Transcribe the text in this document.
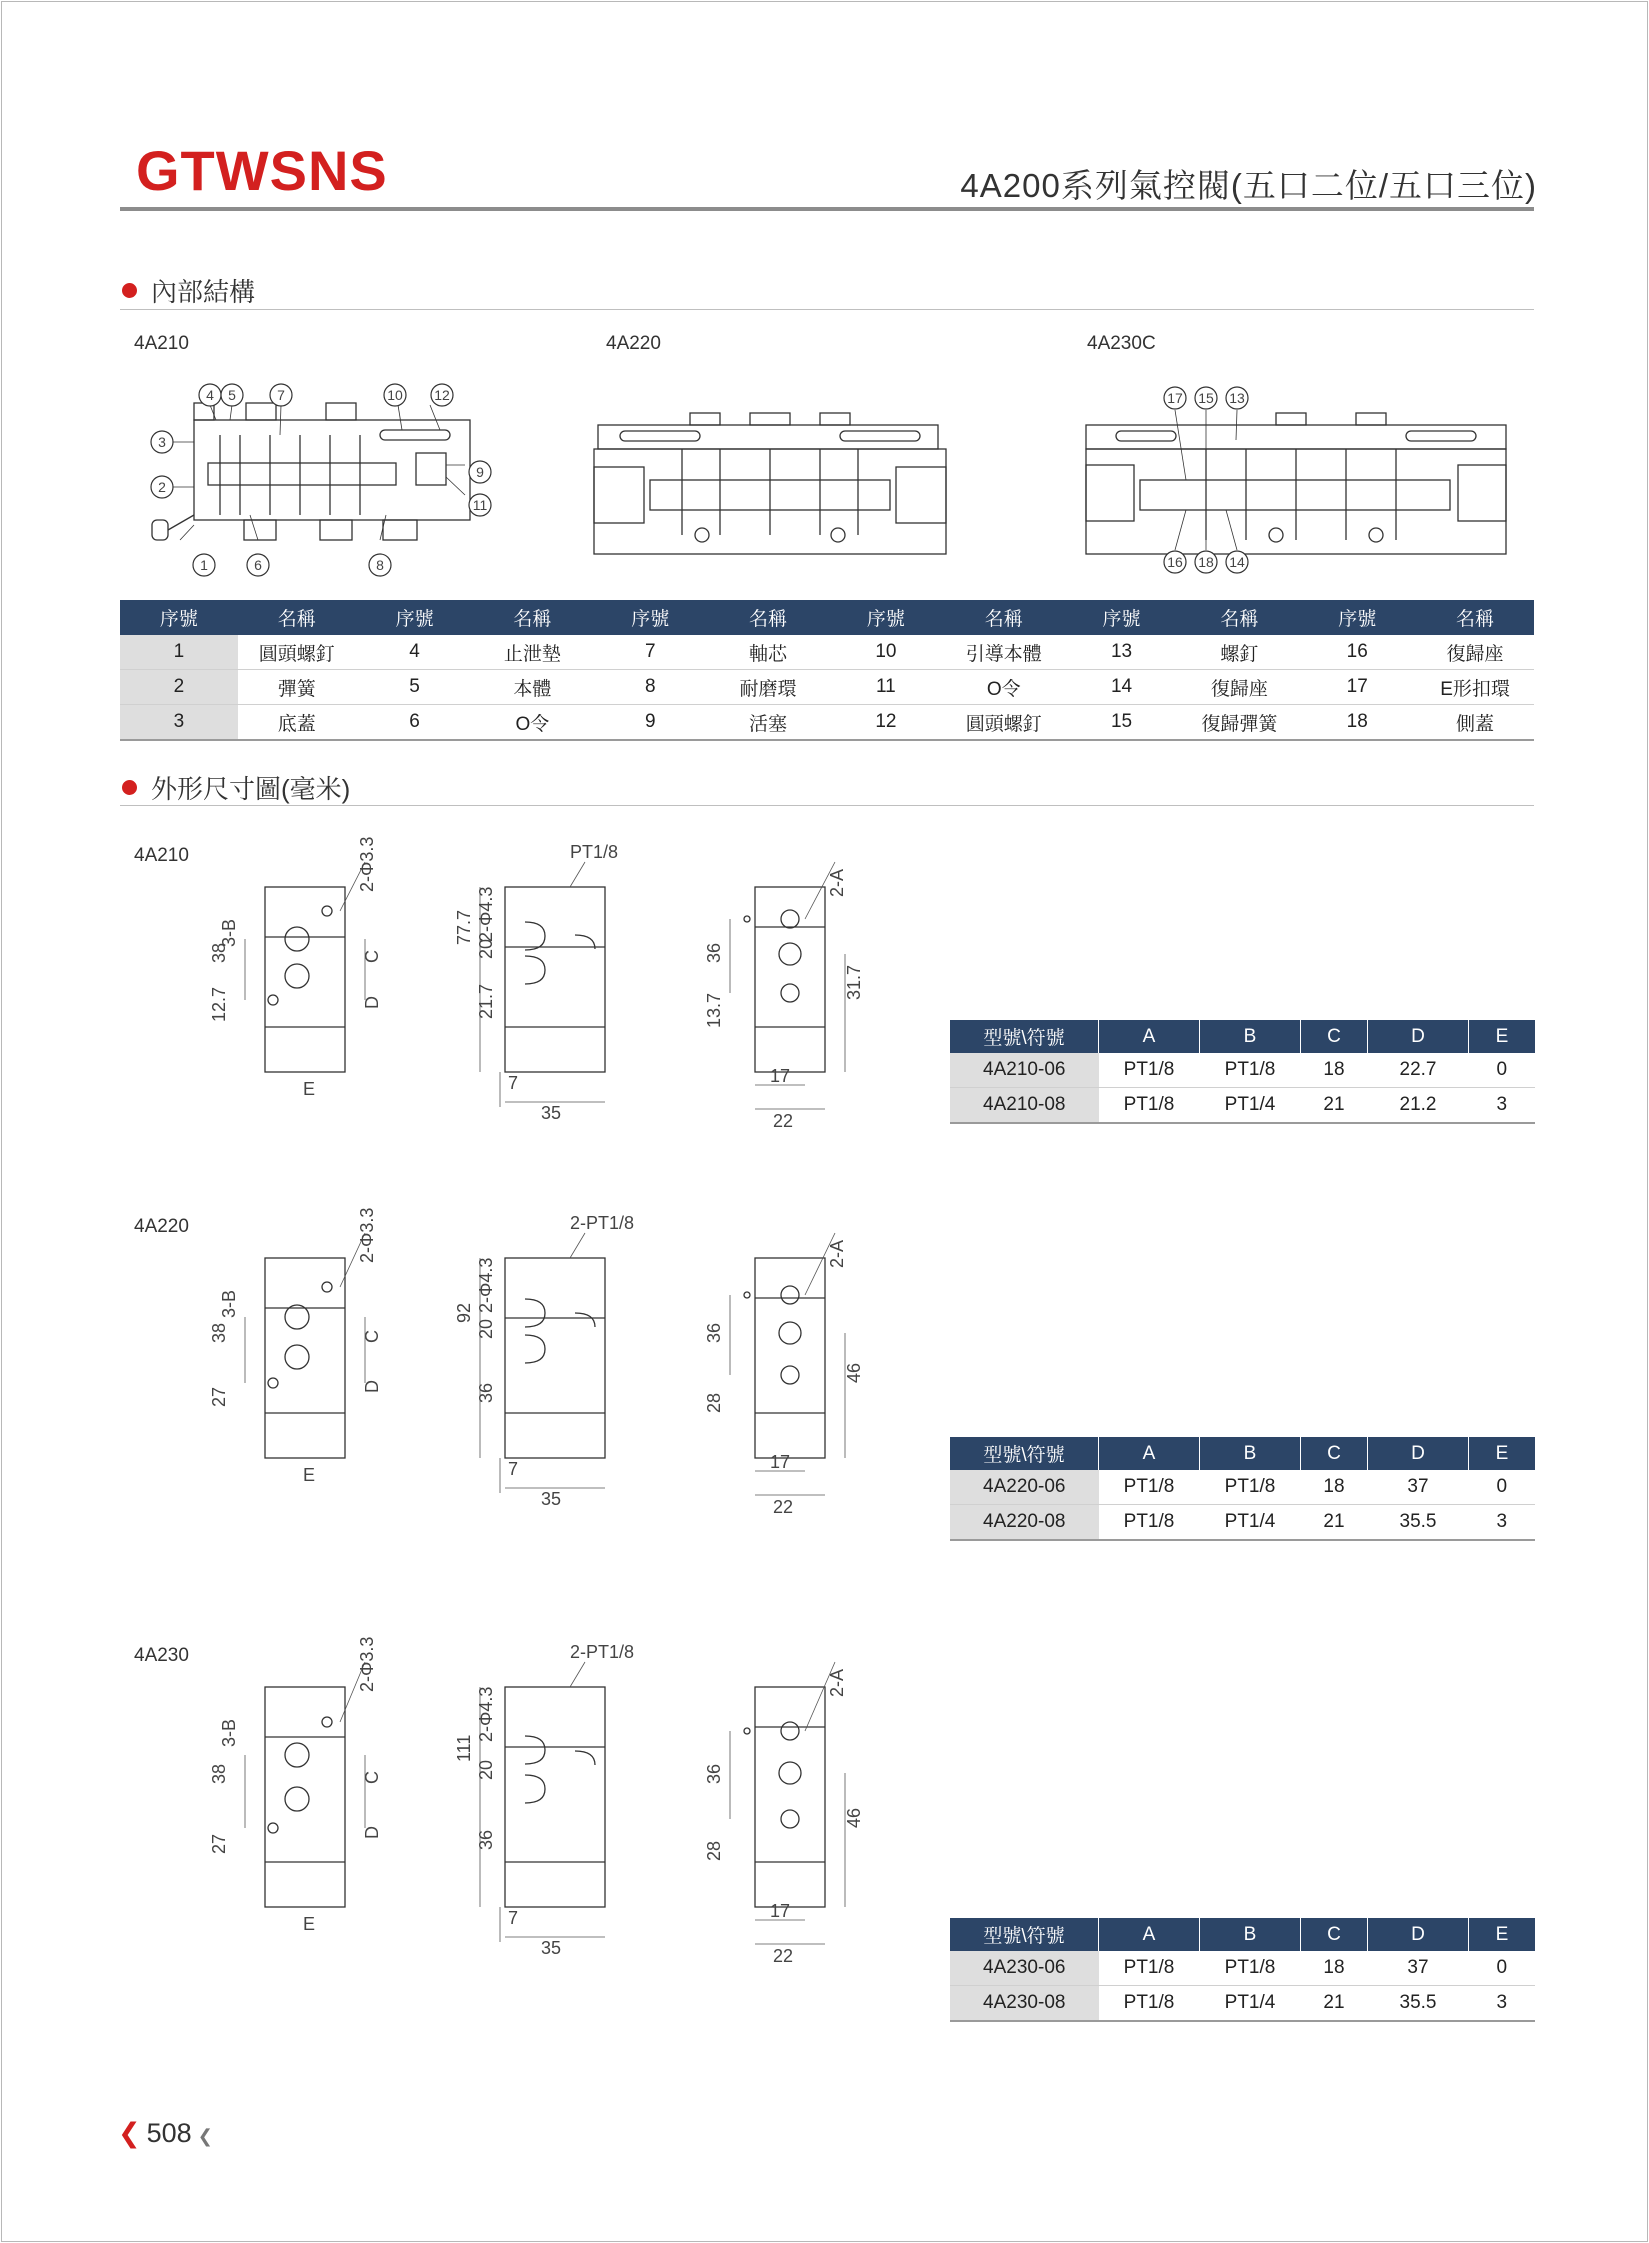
GTWSNS	4A200系列氣控閥(五口二位/五口三位)
內部結構
4A210	4A220	4A230C
1
2
3
4 5
6
7
8
9
10
11
12	17
16
15
18
13
14
序號	名稱	序號	名稱	序號	名稱	序號	名稱	序號	名稱	序號	名稱
1	圓頭螺釘	4	止泄墊	7	軸芯	10	引導本體	13	螺釘	16	復歸座
2	彈簧	5	本體	8	耐磨環	11	O令	14	復歸座	17	E形扣環
3	底蓋	6	O令	9	活塞	12	圓頭螺釘	15	復歸彈簧	18	側蓋
外形尺寸圖(毫米)
4A210
4A220
4A230
PT1/8
2-Φ3.3
3-B
38
12.7
C
D
E
77.7 2-Φ4.3
20
21.7
7
35
2-A
36
13.7
31.7
17
22
2-PT1/8
2-Φ3.3
3-B
38
27
C
D
E
92 2-Φ4.3
20
36
7
35
2-A
36
28
46
17
22
2-PT1/8
2-Φ3.3
3-B
38
27
C
D
E
111
2-Φ4.3
20
36
7
35
2-A
36
28
46
17
22
型號\符號	A	B	C	D	E
4A210-06	PT1/8	PT1/8	18	22.7	0
4A210-08	PT1/8	PT1/4	21	21.2	3
型號\符號	A	B	C	D	E
4A220-06	PT1/8	PT1/8	18	37	0
4A220-08	PT1/8	PT1/4	21	35.5	3
型號\符號	A	B	C	D	E
4A230-06	PT1/8	PT1/8	18	37	0
4A230-08	PT1/8	PT1/4	21	35.5	3
❮ 508 ❮
